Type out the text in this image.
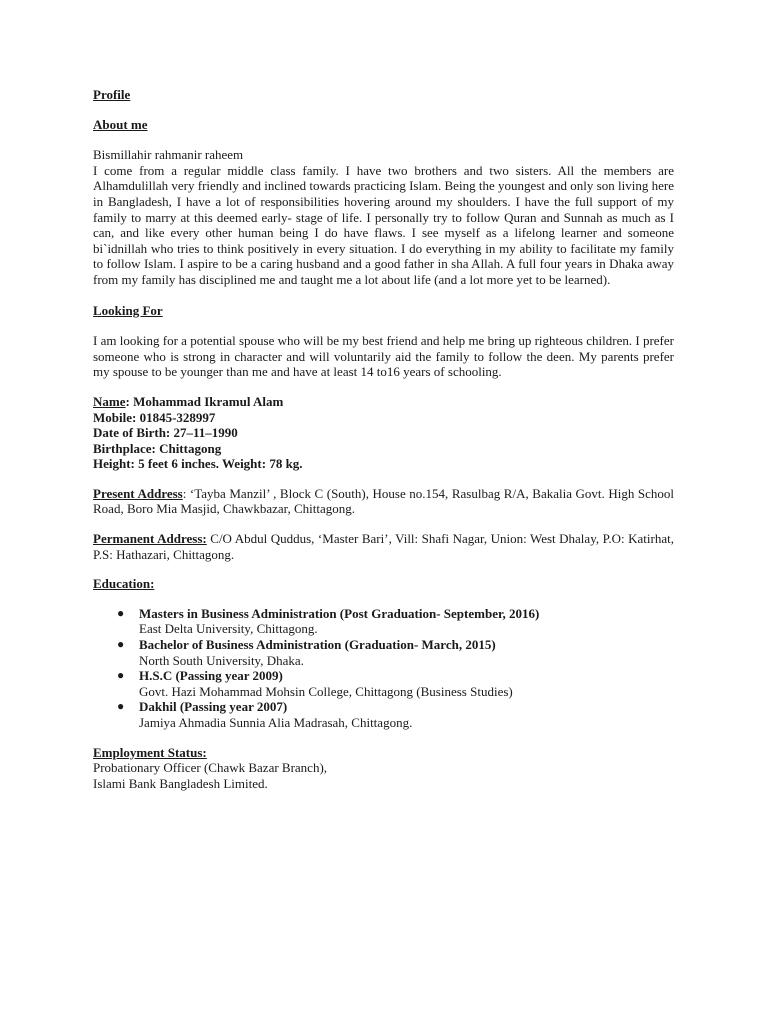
Profile
About me
Bismillahir rahmanir raheem

I come from a regular middle class family. I have two brothers and two sisters. All the members are Alhamdulillah very friendly and inclined towards practicing Islam. Being the youngest and only son living here in Bangladesh, I have a lot of responsibilities hovering around my shoulders. I have the full support of my family to marry at this deemed early- stage of life. I personally try to follow Quran and Sunnah as much as I can, and like every other human being I do have flaws. I see myself as a lifelong learner and someone bi`idnillah who tries to think positively in every situation. I do everything in my ability to facilitate my family to follow Islam. I aspire to be a caring husband and a good father in sha Allah. A full four years in Dhaka away from my family has disciplined me and taught me a lot about life (and a lot more yet to be learned).

Looking For

I am looking for a potential spouse who will be my best friend and help me bring up righteous children. I prefer someone who is strong in character and will voluntarily aid the family to follow the deen. My parents prefer my spouse to be younger than me and have at least 14 to16 years of schooling.

Name: Mohammad Ikramul Alam
Mobile: 01845-328997
Date of Birth: 27–11–1990
Birthplace: Chittagong
Height: 5 feet 6 inches. Weight: 78 kg.

Present Address: ‘Tayba Manzil’ , Block C (South), House no.154, Rasulbag R/A, Bakalia Govt. High School Road, Boro Mia Masjid, Chawkbazar, Chittagong.

Permanent Address: C/O Abdul Quddus, ‘Master Bari’, Vill: Shafi Nagar, Union: West Dhalay, P.O: Katirhat, P.S: Hathazari, Chittagong.

Education:
● Masters in Business Administration (Post Graduation- September, 2016)
East Delta University, Chittagong.
● Bachelor of Business Administration (Graduation- March, 2015)
North South University, Dhaka.
● H.S.C (Passing year 2009)
Govt. Hazi Mohammad Mohsin College, Chittagong (Business Studies)
● Dakhil (Passing year 2007)
Jamiya Ahmadia Sunnia Alia Madrasah, Chittagong.
Employment Status:
Probationary Officer (Chawk Bazar Branch),
Islami Bank Bangladesh Limited.
